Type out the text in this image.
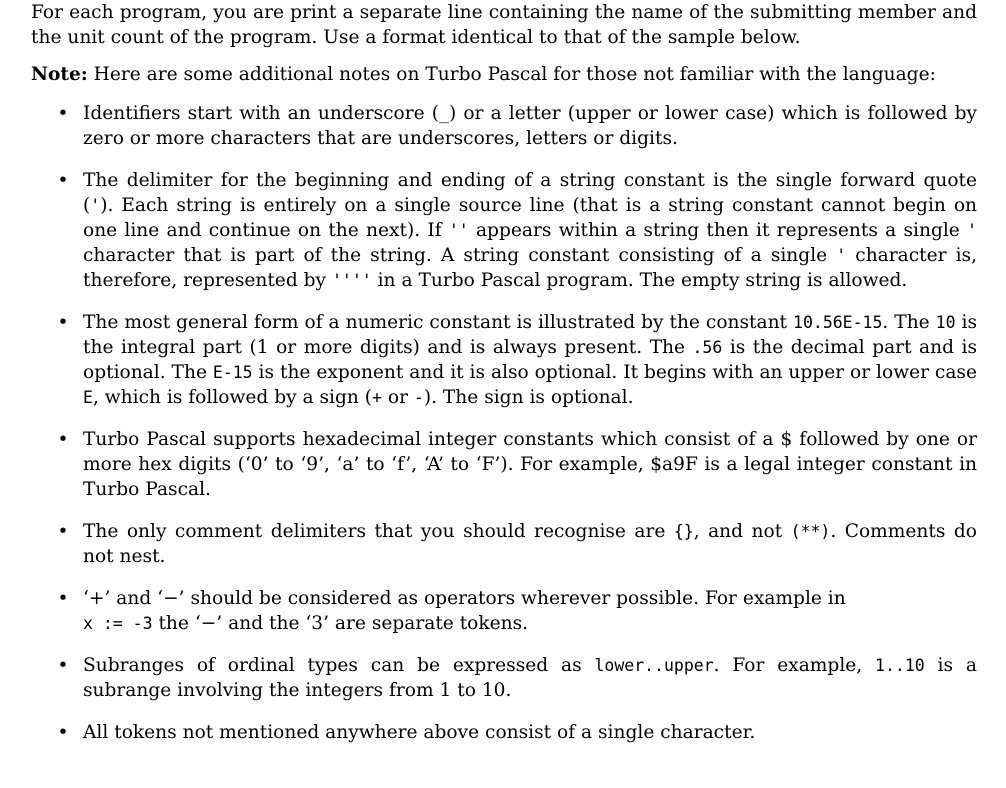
For each program, you are print a separate line containing the name of the submitting member and the unit count of the program. Use a format identical to that of the sample below.

Note: Here are some additional notes on Turbo Pascal for those not familiar with the language:

• Identifiers start with an underscore (_) or a letter (upper or lower case) which is followed by zero or more characters that are underscores, letters or digits.
• The delimiter for the beginning and ending of a string constant is the single forward quote ('). Each string is entirely on a single source line (that is a string constant cannot begin on one line and continue on the next). If '' appears within a string then it represents a single ' character that is part of the string. A string constant consisting of a single ' character is, therefore, represented by '''' in a Turbo Pascal program. The empty string is allowed.
• The most general form of a numeric constant is illustrated by the constant 10.56E-15. The 10 is the integral part (1 or more digits) and is always present. The .56 is the decimal part and is optional. The E-15 is the exponent and it is also optional. It begins with an upper or lower case E, which is followed by a sign (+ or -). The sign is optional.
• Turbo Pascal supports hexadecimal integer constants which consist of a $ followed by one or more hex digits (‘0’ to ‘9’, ‘a’ to ‘f’, ‘A’ to ‘F’). For example, $a9F is a legal integer constant in Turbo Pascal.
• The only comment delimiters that you should recognise are {}, and not (**). Comments do not nest.
• ‘+’ and ‘−’ should be considered as operators wherever possible. For example in
x := -3 the ‘−’ and the ‘3’ are separate tokens.
• Subranges of ordinal types can be expressed as lower..upper. For example, 1..10 is a subrange involving the integers from 1 to 10.
• All tokens not mentioned anywhere above consist of a single character.
